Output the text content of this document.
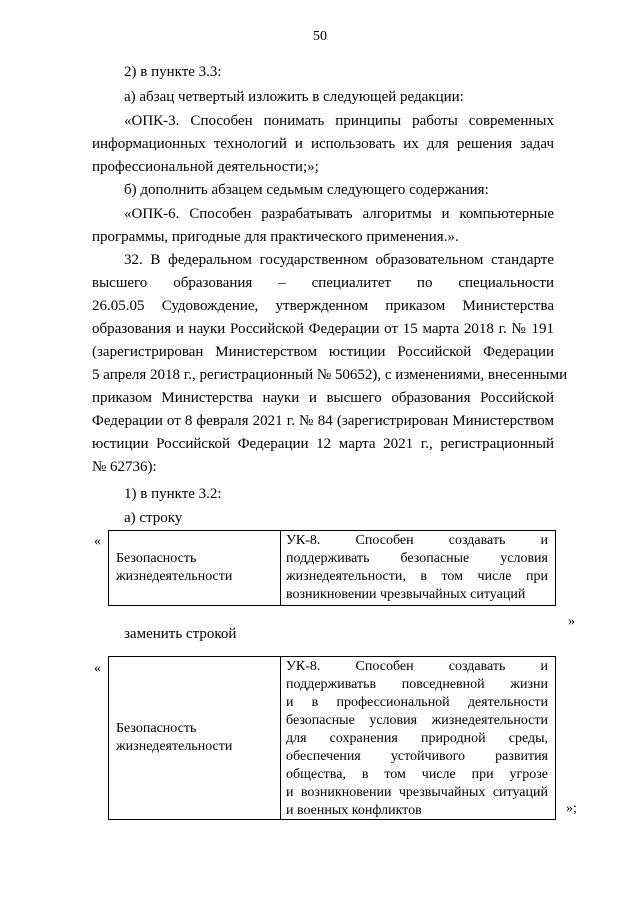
50
2) в пункте 3.3:
а) абзац четвертый изложить в следующей редакции:
«ОПК-3. Способен понимать принципы работы современных
информационных технологий и использовать их для решения задач
профессиональной деятельности;»;
б) дополнить абзацем седьмым следующего содержания:
«ОПК-6. Способен разрабатывать алгоритмы и компьютерные
программы, пригодные для практического применения.».
32. В федеральном государственном образовательном стандарте
высшего образования – специалитет по специальности
26.05.05 Судовождение, утвержденном приказом Министерства
образования и науки Российской Федерации от 15 марта 2018 г. № 191
(зарегистрирован Министерством юстиции Российской Федерации
5 апреля 2018 г., регистрационный № 50652), с изменениями, внесенными
приказом Министерства науки и высшего образования Российской
Федерации от 8 февраля 2021 г. № 84 (зарегистрирован Министерством
юстиции Российской Федерации 12 марта 2021 г., регистрационный
№ 62736):
1) в пункте 3.2:
а) строку
«
Безопасность
жизнедеятельности
УК-8. Способен создавать и
поддерживать безопасные условия
жизнедеятельности, в том числе при
возникновении чрезвычайных ситуаций
»
заменить строкой
«
Безопасность
жизнедеятельности
УК-8. Способен создавать и
поддерживатьв повседневной жизни
и в профессиональной деятельности
безопасные условия жизнедеятельности
для сохранения природной среды,
обеспечения устойчивого развития
общества, в том числе при угрозе
и возникновении чрезвычайных ситуаций
и военных конфликтов	»;
